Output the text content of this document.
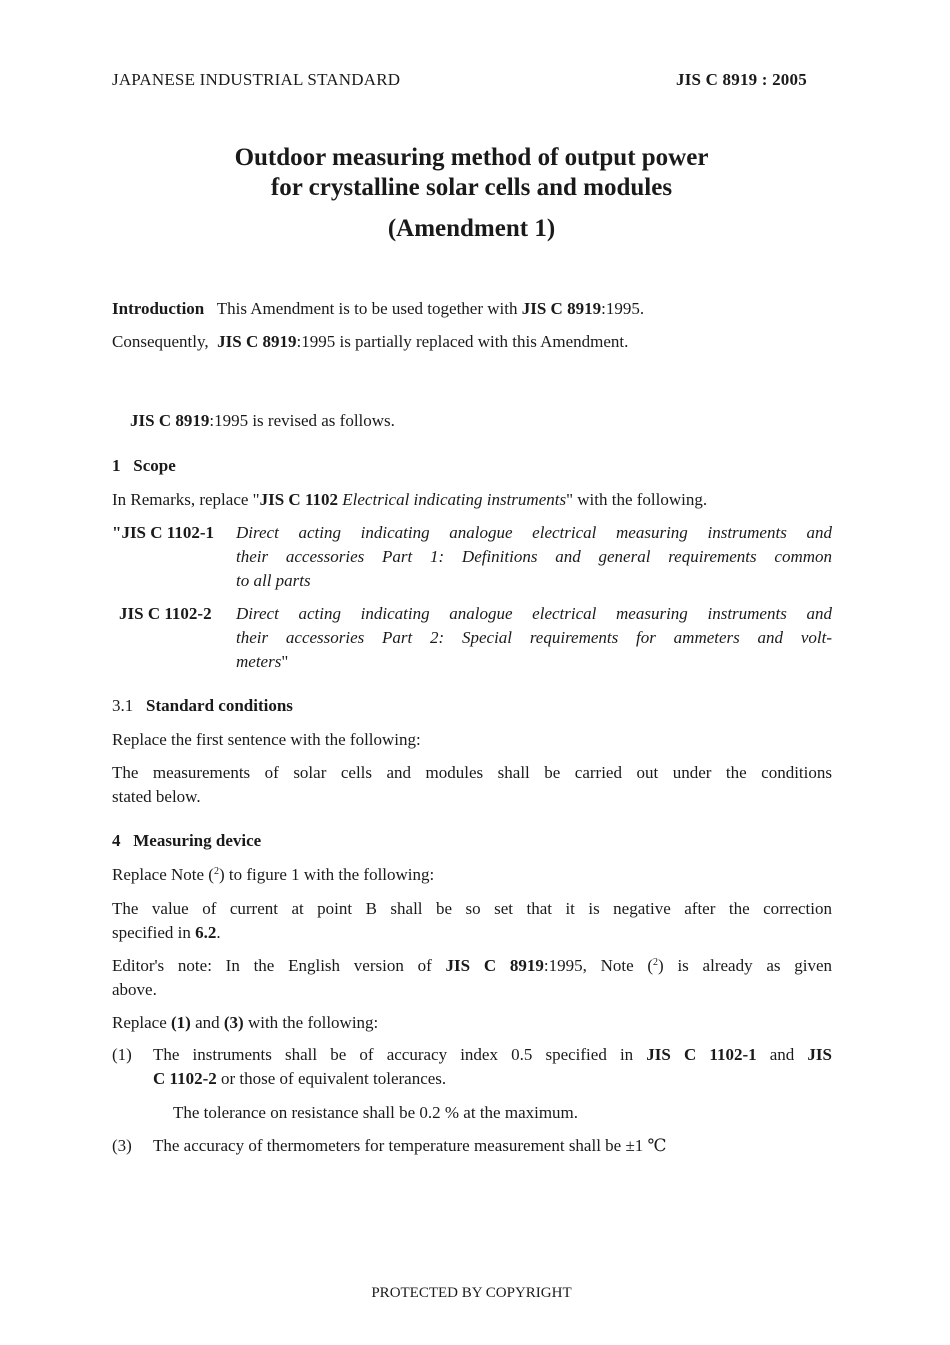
JAPANESE INDUSTRIAL STANDARD	JIS C 8919 : 2005
Outdoor measuring method of output power
for crystalline solar cells and modules
(Amendment 1)
Introduction This Amendment is to be used together with JIS C 8919:1995.
Consequently, JIS C 8919:1995 is partially replaced with this Amendment.
JIS C 8919:1995 is revised as follows.
1 Scope
In Remarks, replace "JIS C 1102 Electrical indicating instruments" with the following.
"JIS C 1102-1 Direct acting indicating analogue electrical measuring instruments and
their accessories Part 1: Definitions and general requirements common
to all parts
JIS C 1102-2 Direct acting indicating analogue electrical measuring instruments and
their accessories Part 2: Special requirements for ammeters and volt-
meters"
3.1 Standard conditions
Replace the first sentence with the following:
The measurements of solar cells and modules shall be carried out under the conditions
stated below.
4 Measuring device
Replace Note ($^2$) to figure 1 with the following:
The value of current at point B shall be so set that it is negative after the correction
specified in 6.2.
Editor's note: In the English version of JIS C 8919:1995, Note ($^2$) is already as given
above.
Replace (1) and (3) with the following:
(1) The instruments shall be of accuracy index 0.5 specified in JIS C 1102-1 and JIS
C 1102-2 or those of equivalent tolerances.
The tolerance on resistance shall be 0.2 % at the maximum.
(3) The accuracy of thermometers for temperature measurement shall be ±1 ℃
PROTECTED BY COPYRIGHT
